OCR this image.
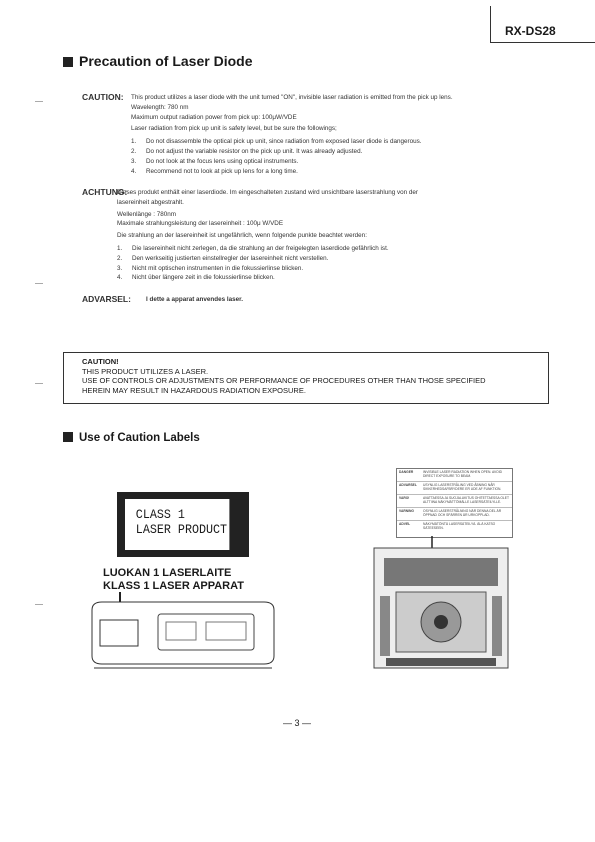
RX-DS28
Precaution of Laser Diode
CAUTION: This product utilizes a laser diode with the unit turned "ON", invisible laser radiation is emitted from the pick up lens.
Wavelength: 780 nm
Maximum output radiation power from pick up: 100μW/VDE
Laser radiation from pick up unit is safety level, but be sure the followings;
1.	Do not disassemble the optical pick up unit, since radiation from exposed laser diode is dangerous.
2.	Do not adjust the variable resistor on the pick up unit. It was already adjusted.
3.	Do not look at the focus lens using optical instruments.
4.	Recommend not to look at pick up lens for a long time.
ACHTUNG:
Dieses produkt enthält einer laserdiode. Im eingeschalteten zustand wird unsichtbare laserstrahlung von der
lasereinheit abgestrahlt.
Wellenlänge : 780nm
Maximale strahlungsleistung der lasereinheit : 100μ W/VDE
Die strahlung an der lasereinheit ist ungefährlich, wenn folgende punkte beachtet werden:
1.	Die lasereinheit nicht zerlegen, da die strahlung an der freigelegten laserdiode gefährlich ist.
2.	Den werkseitig justierten einstellregler der lasereinheit nicht verstellen.
3.	Nicht mit optischen instrumenten in die fokussierlinse blicken.
4.	Nicht über längere zeit in die fokussierlinse blicken.
ADVARSEL: I dette a apparat anvendes laser.
CAUTION!
THIS PRODUCT UTILIZES A LASER.
USE OF CONTROLS OR ADJUSTMENTS OR PERFORMANCE OF PROCEDURES OTHER THAN THOSE SPECIFIED
HEREIN MAY RESULT IN HAZARDOUS RADIATION EXPOSURE.
Use of Caution Labels
CLASS 1
LASER PRODUCT
LUOKAN 1 LASERLAITE
KLASS 1 LASER APPARAT
DANGER	INVISIBLE LASER RADIATION WHEN OPEN. AVOID DIRECT EXPOSURE TO BEAM.
ADVARSEL	USYNLIG LASERSTRÅLING VED ÅBNING NÅR SIKKERHEDSAFBRYDERE ER UDE AF FUNKTION.
VARO!	AVATTAESSA JA SUOJALUKITUS OHITETTAESSA OLET ALTTIINA NÄKYMÄTTÖMÄLLE LASERSÄTEILYLLE.
VARNING	OSYNLIG LASERSTRÅLNING NÄR DENNA DEL ÄR ÖPPNAD OCH SPÄRREN ÄR URKOPPLAD.
ADVEL	NÄKYMÄTÖNTÄ LASERSÄTEILYÄ. ÄLÄ KATSO SÄTEESEEN.
— 3 —
